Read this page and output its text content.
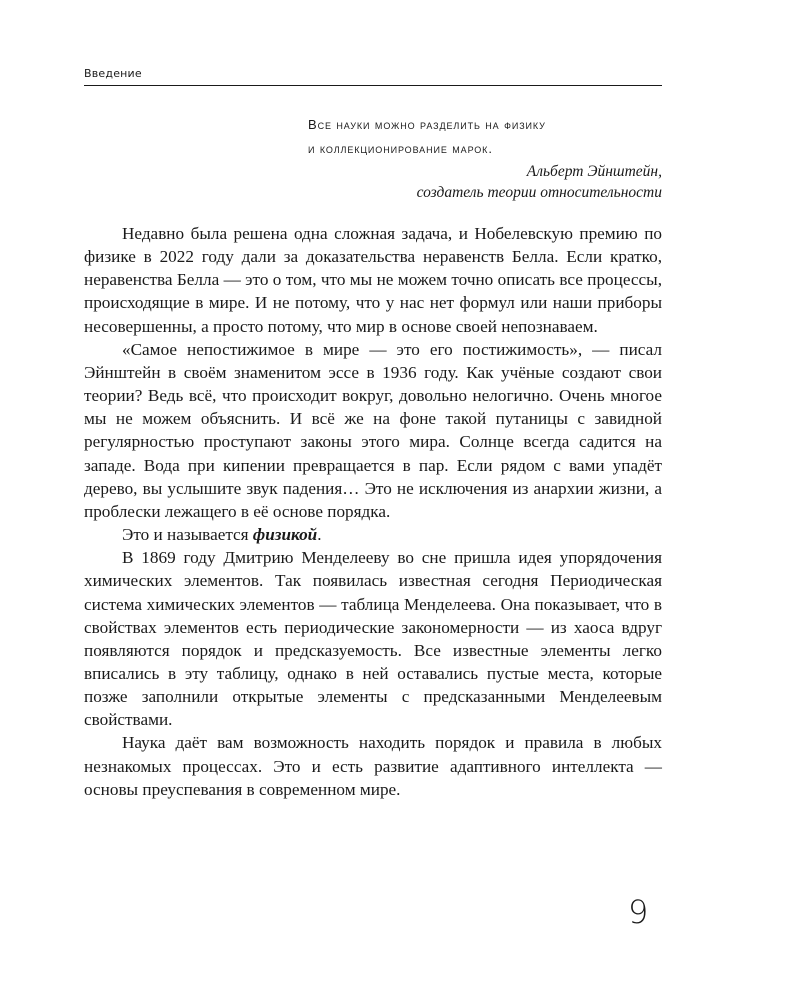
Введение
Все науки можно разделить на физику
и коллекционирование марок.
Альберт Эйнштейн,
создатель теории относительности

Недавно была решена одна сложная задача, и Нобелевскую премию по физике в 2022 году дали за доказательства неравенств Белла. Если кратко, неравенства Белла — это о том, что мы не можем точно описать все процессы, происходящие в мире. И не потому, что у нас нет формул или наши приборы несовершенны, а просто потому, что мир в основе своей непознаваем.

«Самое непостижимое в мире — это его постижимость», — писал Эйнштейн в своём знаменитом эссе в 1936 году. Как учёные создают свои теории? Ведь всё, что происходит вокруг, довольно нелогично. Очень многое мы не можем объяснить. И всё же на фоне такой путаницы с завидной регулярностью проступают законы этого мира. Солнце всегда садится на западе. Вода при кипении превращается в пар. Если рядом с вами упадёт дерево, вы услышите звук падения… Это не исключения из анархии жизни, а проблески лежащего в её основе порядка.

Это и называется физикой.

В 1869 году Дмитрию Менделееву во сне пришла идея упорядочения химических элементов. Так появилась известная сегодня Периодическая система химических элементов — таблица Менделеева. Она показывает, что в свойствах элементов есть периодические закономерности — из хаоса вдруг появляются порядок и предсказуемость. Все известные элементы легко вписались в эту таблицу, однако в ней оставались пустые места, которые позже заполнили открытые элементы с предсказанными Менделеевым свойствами.

Наука даёт вам возможность находить порядок и правила в любых незнакомых процессах. Это и есть развитие адаптивного интеллекта — основы преуспевания в современном мире.

9
